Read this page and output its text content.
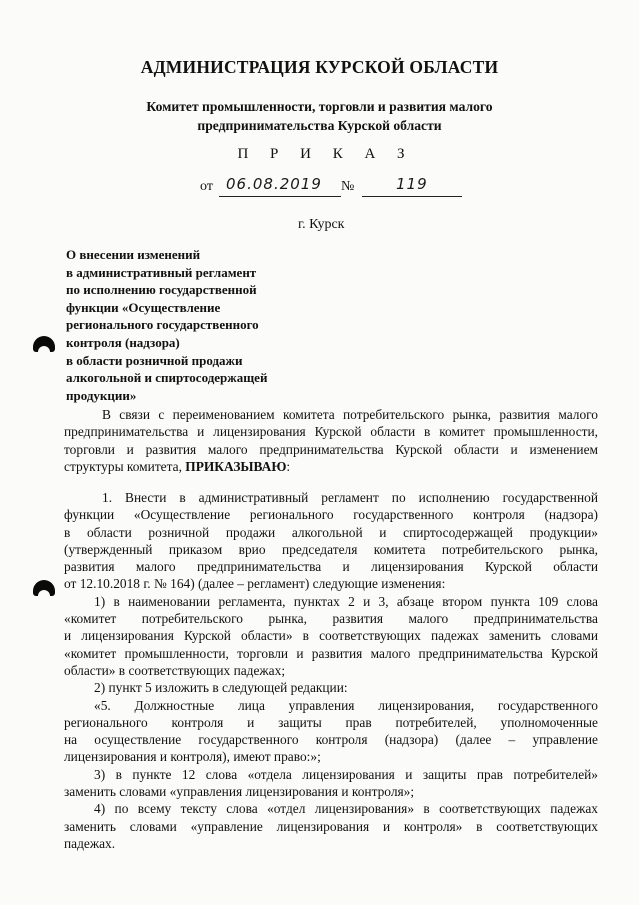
АДМИНИСТРАЦИЯ КУРСКОЙ ОБЛАСТИ
Комитет промышленности, торговли и развития малого
предпринимательства Курской области
П Р И К А З
от 06.08.2019 №	119
г. Курск
О внесении изменений
в административный регламент
по исполнению государственной
функции «Осуществление
регионального государственного
контроля (надзора)
в области розничной продажи
алкогольной и спиртосодержащей
продукции»
В связи с переименованием комитета потребительского рынка, развития малого
предпринимательства и лицензирования Курской области в комитет промышленности,
торговли и развития малого предпринимательства Курской области и изменением
структуры комитета, ПРИКАЗЫВАЮ:
1. Внести в административный регламент по исполнению государственной
функции «Осуществление регионального государственного контроля (надзора)
в области розничной продажи алкогольной и спиртосодержащей продукции»
(утвержденный приказом врио председателя комитета потребительского рынка,
развития малого предпринимательства и лицензирования Курской области
от 12.10.2018 г. № 164) (далее – регламент) следующие изменения:
1) в наименовании регламента, пунктах 2 и 3, абзаце втором пункта 109 слова
«комитет потребительского рынка, развития малого предпринимательства
и лицензирования Курской области» в соответствующих падежах заменить словами
«комитет промышленности, торговли и развития малого предпринимательства Курской
области» в соответствующих падежах;
2) пункт 5 изложить в следующей редакции:
«5. Должностные лица управления лицензирования, государственного
регионального контроля и защиты прав потребителей, уполномоченные
на осуществление государственного контроля (надзора) (далее – управление
лицензирования и контроля), имеют право:»;
3) в пункте 12 слова «отдела лицензирования и защиты прав потребителей»
заменить словами «управления лицензирования и контроля»;
4) по всему тексту слова «отдел лицензирования» в соответствующих падежах
заменить словами «управление лицензирования и контроля» в соответствующих
падежах.
